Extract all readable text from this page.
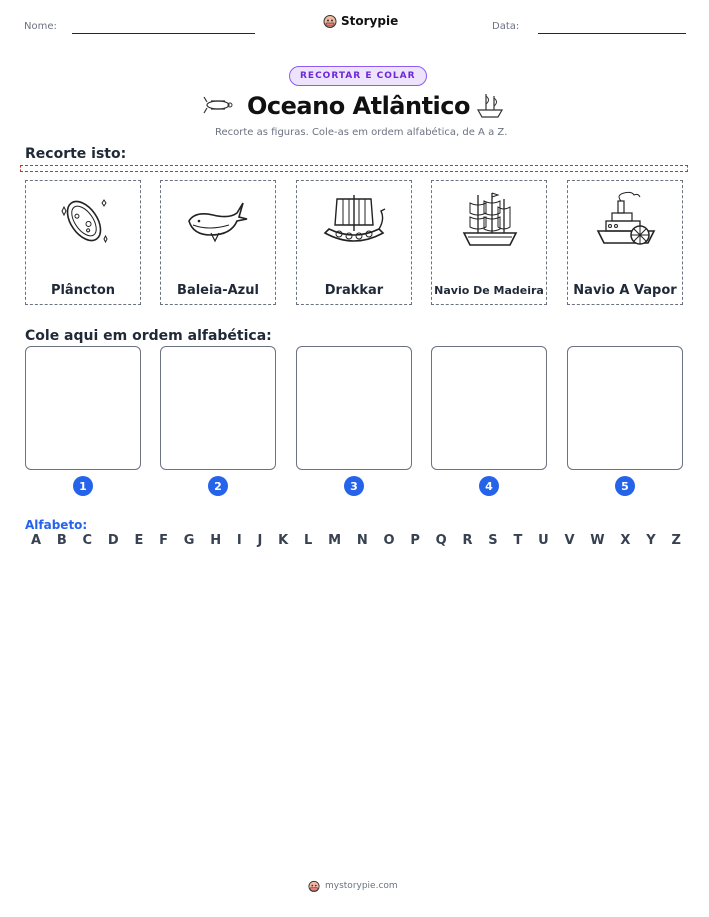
Nome:	Storypie	Data:
RECORTAR E COLAR
Oceano Atlântico
Recorte as figuras. Cole-as em ordem alfabética, de A a Z.
Recorte isto:
Plâncton	Baleia-Azul	Drakkar	Navio De Madeira	Navio A Vapor
Cole aqui em ordem alfabética:
1	2	3	4	5
Alfabeto:
A B C D E F G H I J K L M N O P Q R S T U V W X Y Z
mystorypie.com
